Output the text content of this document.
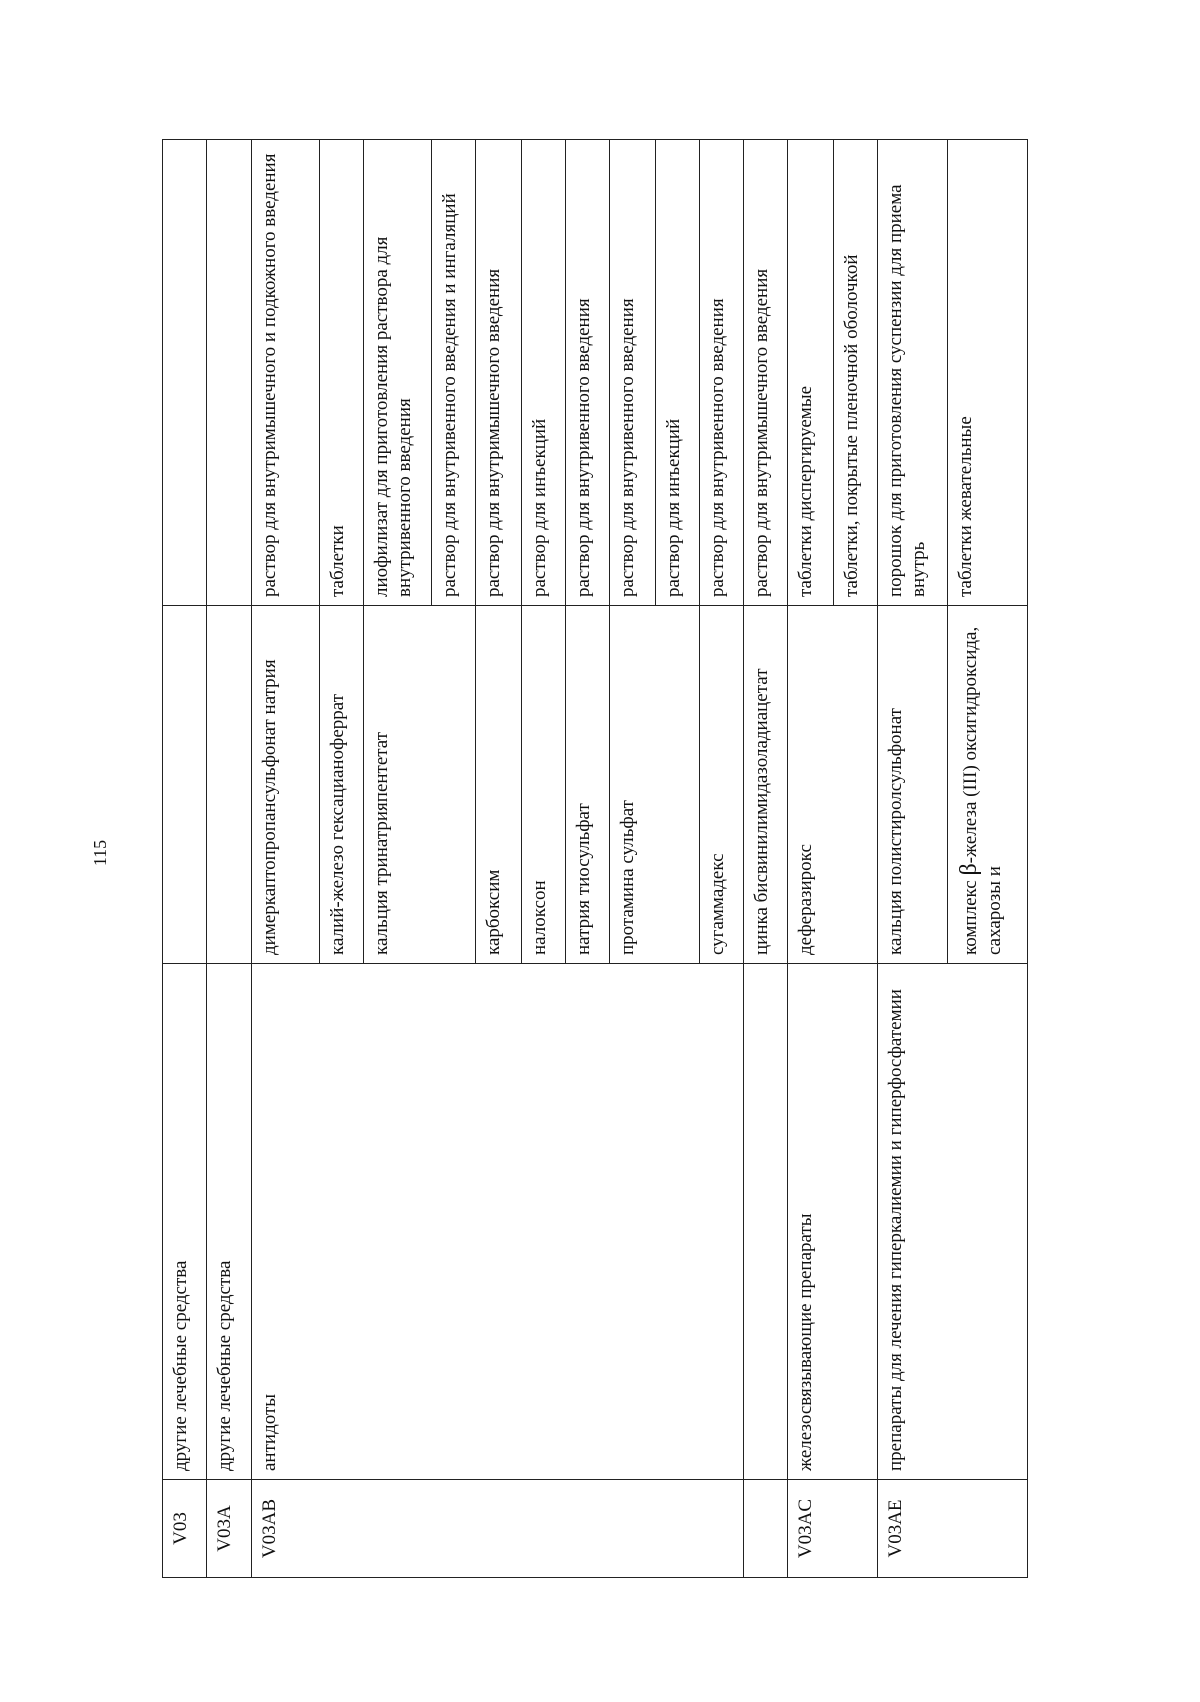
115
V03	другие лечебные средства		
V03A	другие лечебные средства		
V03AB	антидоты	димеркаптопропансульфонат натрия	раствор для внутримышечного и подкожного введения
		калий-железо гексацианоферрат	таблетки
		кальция тринатрияпентетат	лиофилизат для приготовления раствора для внутривенного введения
			раствор для внутривенного введения и ингаляций
		карбоксим	раствор для внутримышечного введения
		налоксон	раствор для инъекций
		натрия тиосульфат	раствор для внутривенного введения
		протамина сульфат	раствор для внутривенного введения
			раствор для инъекций
		сугаммадекс	раствор для внутривенного введения
		цинка бисвинилимидазоладиацетат	раствор для внутримышечного введения
V03AC	железосвязывающие препараты	деферазирокс	таблетки диспергируемые
			таблетки, покрытые пленочной оболочкой
V03AE	препараты для лечения гиперкалиемии и гиперфосфатемии	кальция полистиролсульфонат	порошок для приготовления суспензии для приема внутрь
		комплекс β-железа (III) оксигидроксида, сахарозы и	таблетки жевательные
